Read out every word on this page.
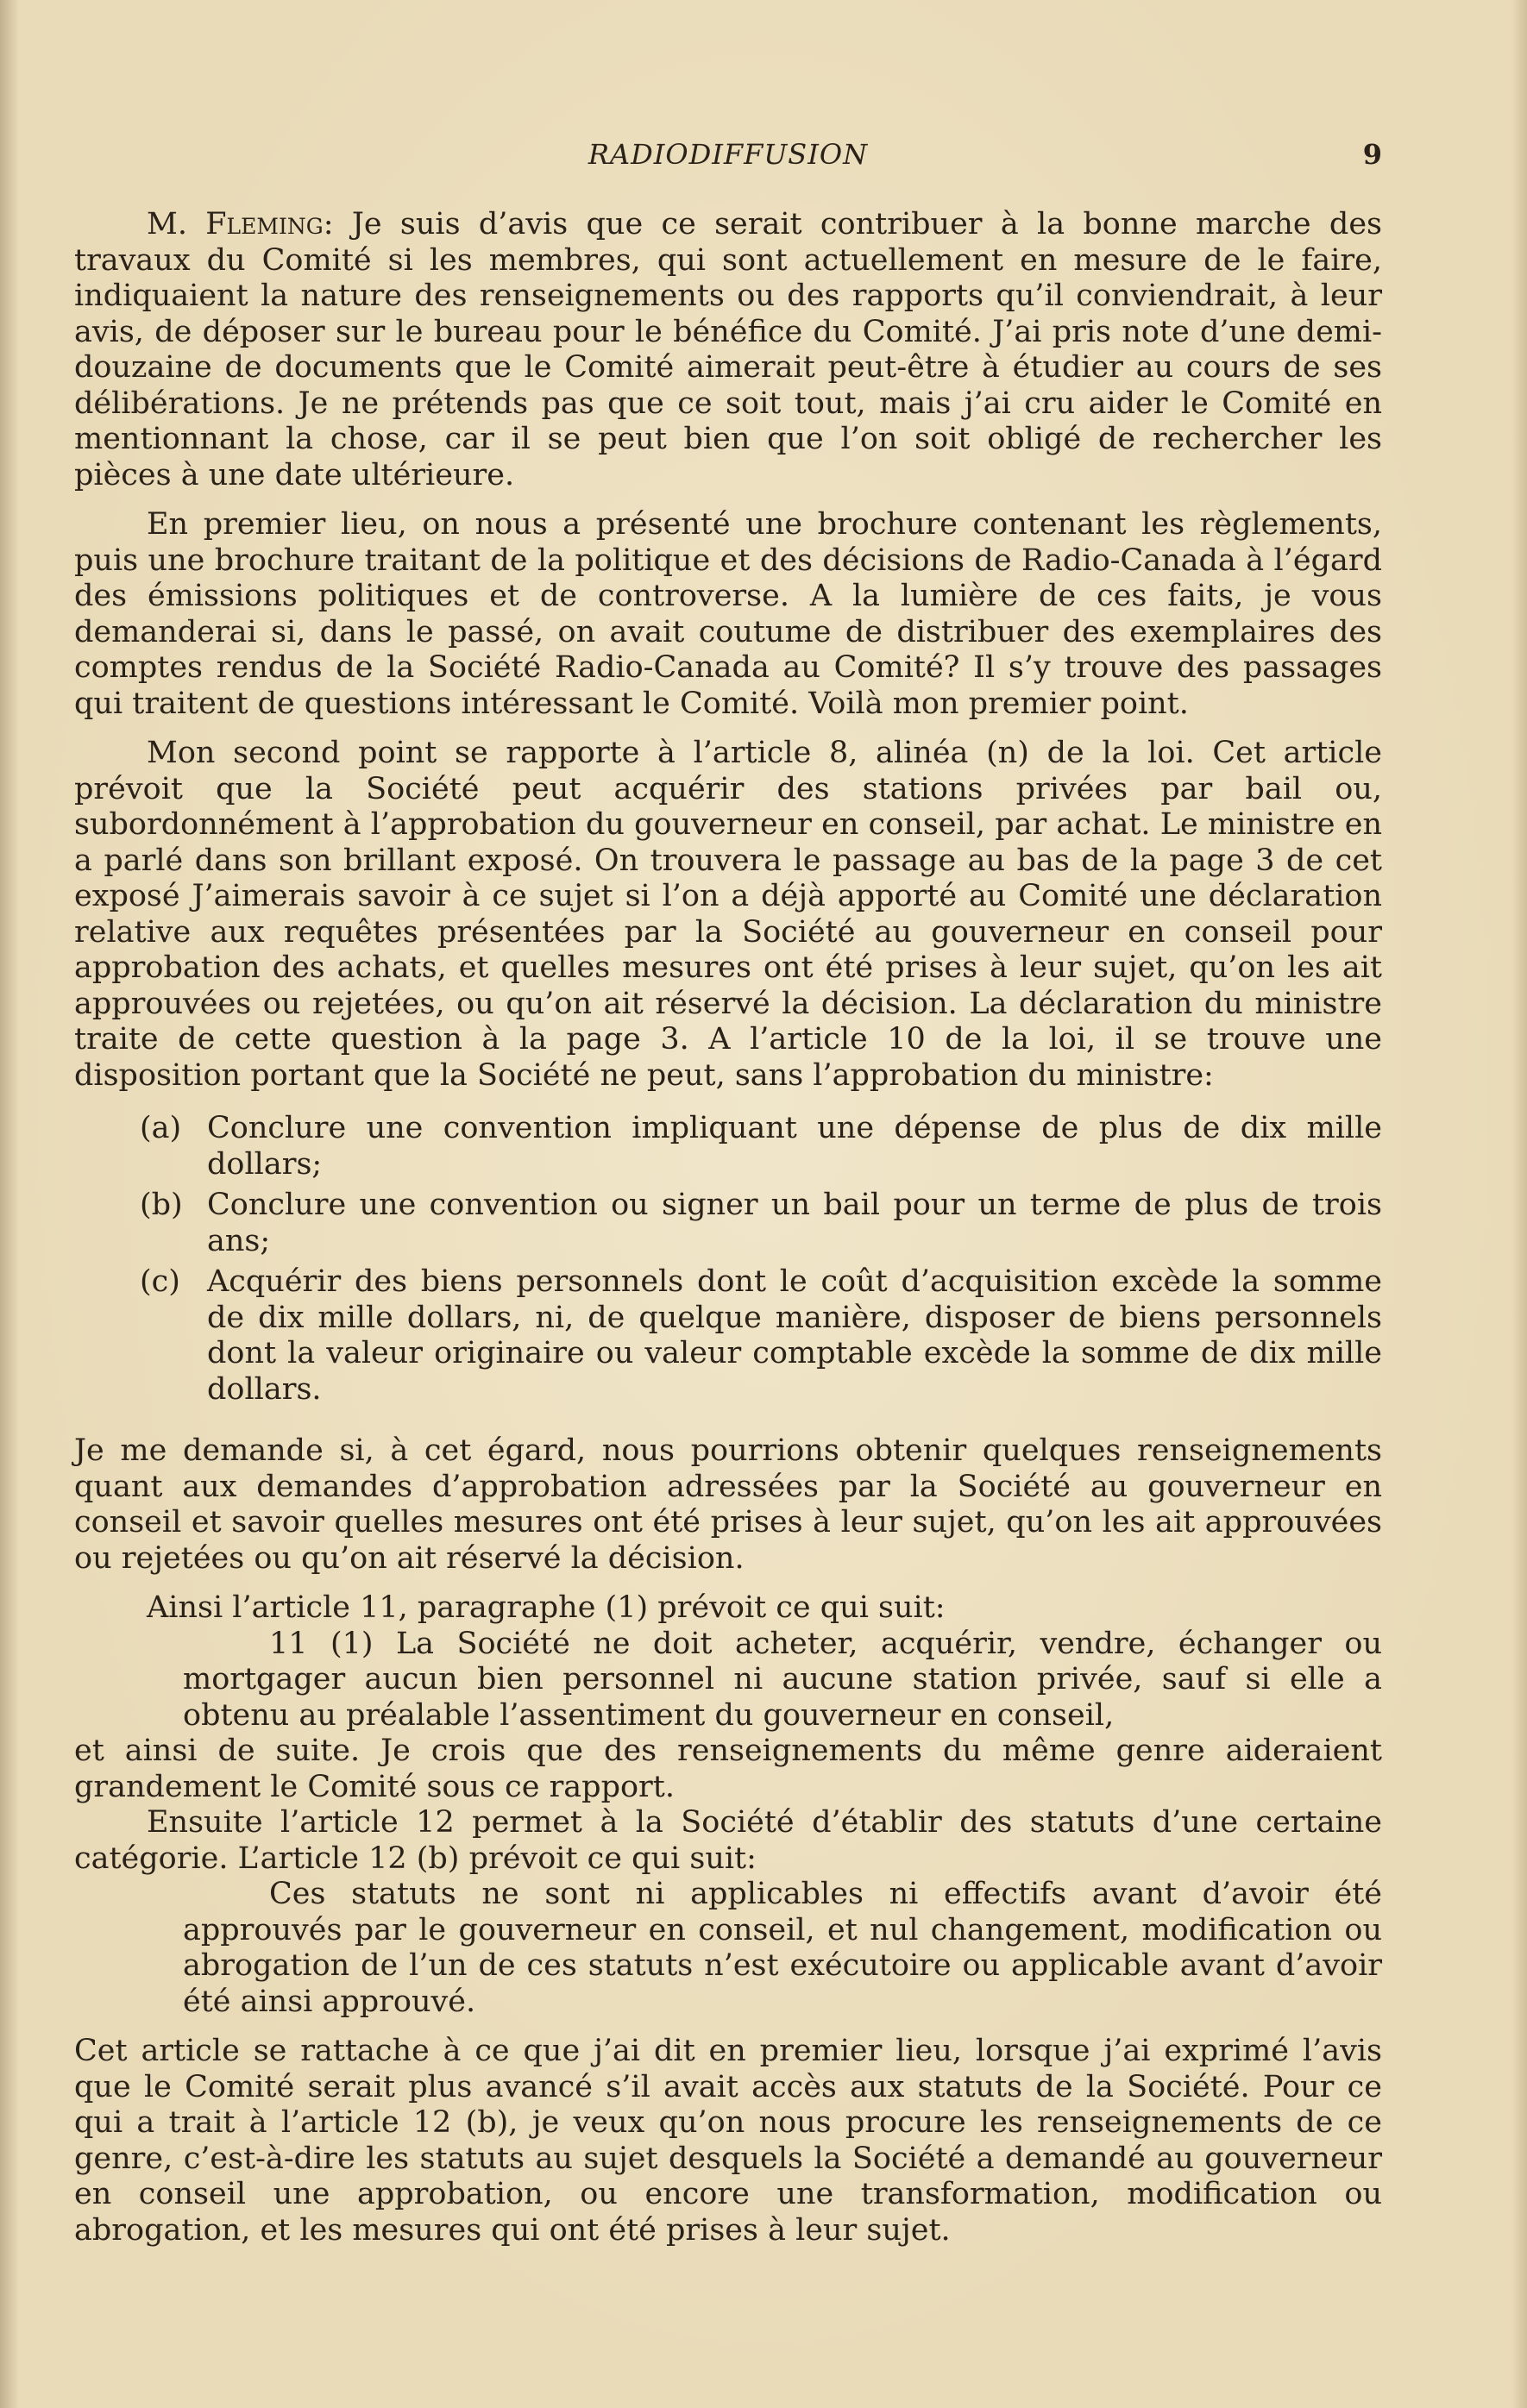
RADIODIFFUSION	9

M. Fleming: Je suis d’avis que ce serait contribuer à la bonne marche des travaux du Comité si les membres, qui sont actuellement en mesure de le faire, indiquaient la nature des renseignements ou des rapports qu’il conviendrait, à leur avis, de déposer sur le bureau pour le bénéfice du Comité. J’ai pris note d’une demi-douzaine de documents que le Comité aimerait peut-être à étudier au cours de ses délibérations. Je ne prétends pas que ce soit tout, mais j’ai cru aider le Comité en mentionnant la chose, car il se peut bien que l’on soit obligé de rechercher les pièces à une date ultérieure.

En premier lieu, on nous a présenté une brochure contenant les règlements, puis une brochure traitant de la politique et des décisions de Radio-Canada à l’égard des émissions politiques et de controverse. A la lumière de ces faits, je vous demanderai si, dans le passé, on avait coutume de distribuer des exemplaires des comptes rendus de la Société Radio-Canada au Comité? Il s’y trouve des passages qui traitent de questions intéressant le Comité. Voilà mon premier point.

Mon second point se rapporte à l’article 8, alinéa (n) de la loi. Cet article prévoit que la Société peut acquérir des stations privées par bail ou, subordonnément à l’approbation du gouverneur en conseil, par achat. Le ministre en a parlé dans son brillant exposé. On trouvera le passage au bas de la page 3 de cet exposé J’aimerais savoir à ce sujet si l’on a déjà apporté au Comité une déclaration relative aux requêtes présentées par la Société au gouverneur en conseil pour approbation des achats, et quelles mesures ont été prises à leur sujet, qu’on les ait approuvées ou rejetées, ou qu’on ait réservé la décision. La déclaration du ministre traite de cette question à la page 3. A l’article 10 de la loi, il se trouve une disposition portant que la Société ne peut, sans l’approbation du ministre:

(a) Conclure une convention impliquant une dépense de plus de dix mille dollars;
(b) Conclure une convention ou signer un bail pour un terme de plus de trois ans;
(c) Acquérir des biens personnels dont le coût d’acquisition excède la somme de dix mille dollars, ni, de quelque manière, disposer de biens personnels dont la valeur originaire ou valeur comptable excède la somme de dix mille dollars.

Je me demande si, à cet égard, nous pourrions obtenir quelques renseignements quant aux demandes d’approbation adressées par la Société au gouverneur en conseil et savoir quelles mesures ont été prises à leur sujet, qu’on les ait approuvées ou rejetées ou qu’on ait réservé la décision.

Ainsi l’article 11, paragraphe (1) prévoit ce qui suit:

11 (1) La Société ne doit acheter, acquérir, vendre, échanger ou mortgager aucun bien personnel ni aucune station privée, sauf si elle a obtenu au préalable l’assentiment du gouverneur en conseil,

et ainsi de suite. Je crois que des renseignements du même genre aideraient grandement le Comité sous ce rapport.

Ensuite l’article 12 permet à la Société d’établir des statuts d’une certaine catégorie. L’article 12 (b) prévoit ce qui suit:

Ces statuts ne sont ni applicables ni effectifs avant d’avoir été approuvés par le gouverneur en conseil, et nul changement, modification ou abrogation de l’un de ces statuts n’est exécutoire ou applicable avant d’avoir été ainsi approuvé.

Cet article se rattache à ce que j’ai dit en premier lieu, lorsque j’ai exprimé l’avis que le Comité serait plus avancé s’il avait accès aux statuts de la Société. Pour ce qui a trait à l’article 12 (b), je veux qu’on nous procure les renseignements de ce genre, c’est-à-dire les statuts au sujet desquels la Société a demandé au gouverneur en conseil une approbation, ou encore une transformation, modification ou abrogation, et les mesures qui ont été prises à leur sujet.
